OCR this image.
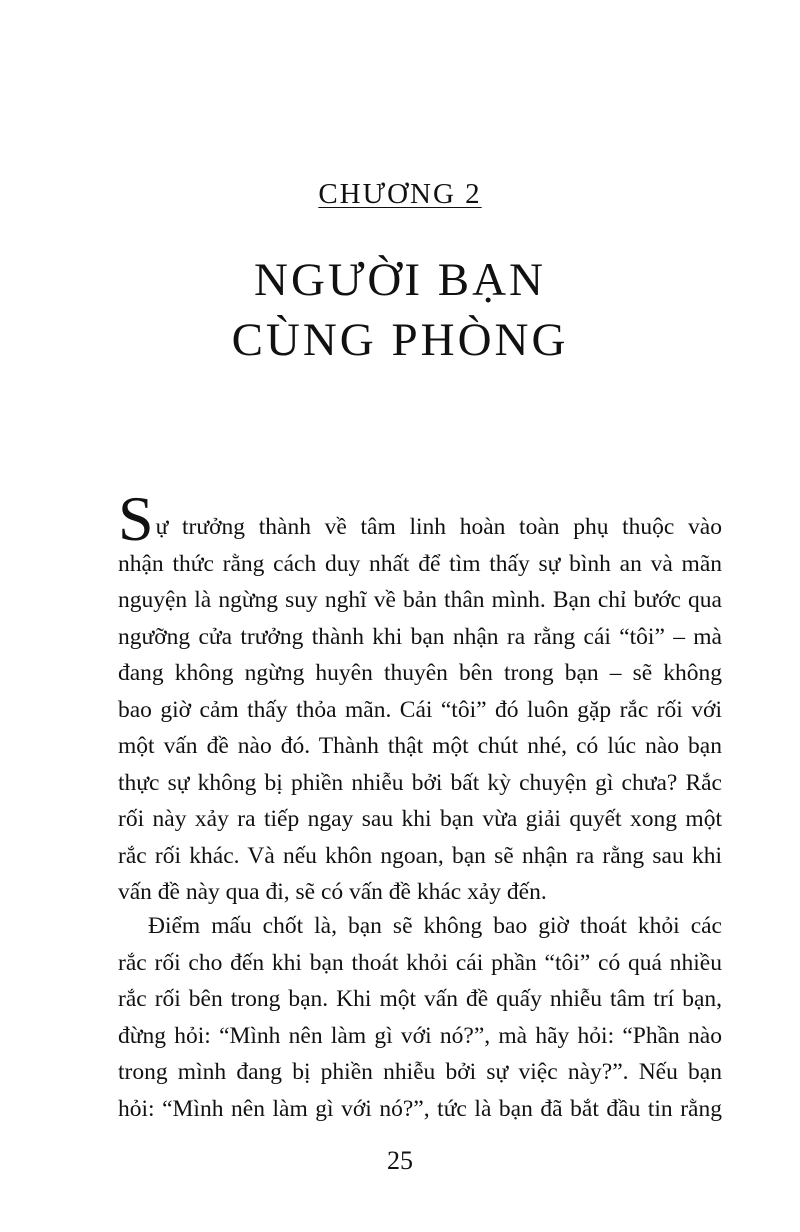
CHƯƠNG 2
NGƯỜI BẠN
CÙNG PHÒNG
Sự trưởng thành về tâm linh hoàn toàn phụ thuộc vào
nhận thức rằng cách duy nhất để tìm thấy sự bình an và mãn
nguyện là ngừng suy nghĩ về bản thân mình. Bạn chỉ bước qua
ngưỡng cửa trưởng thành khi bạn nhận ra rằng cái “tôi” – mà
đang không ngừng huyên thuyên bên trong bạn – sẽ không
bao giờ cảm thấy thỏa mãn. Cái “tôi” đó luôn gặp rắc rối với
một vấn đề nào đó. Thành thật một chút nhé, có lúc nào bạn
thực sự không bị phiền nhiễu bởi bất kỳ chuyện gì chưa? Rắc
rối này xảy ra tiếp ngay sau khi bạn vừa giải quyết xong một
rắc rối khác. Và nếu khôn ngoan, bạn sẽ nhận ra rằng sau khi
vấn đề này qua đi, sẽ có vấn đề khác xảy đến.
Điểm mấu chốt là, bạn sẽ không bao giờ thoát khỏi các
rắc rối cho đến khi bạn thoát khỏi cái phần “tôi” có quá nhiều
rắc rối bên trong bạn. Khi một vấn đề quấy nhiễu tâm trí bạn,
đừng hỏi: “Mình nên làm gì với nó?”, mà hãy hỏi: “Phần nào
trong mình đang bị phiền nhiễu bởi sự việc này?”. Nếu bạn
hỏi: “Mình nên làm gì với nó?”, tức là bạn đã bắt đầu tin rằng
25
